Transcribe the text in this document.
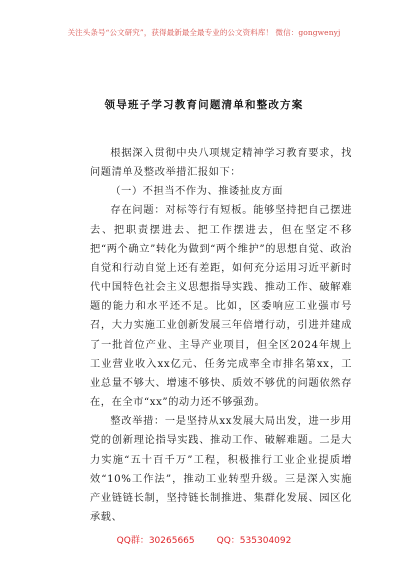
关注头条号“公文研究”，获得最新最全最专业的公文资料库！ 微信：gongwenyj
领导班子学习教育问题清单和整改方案

根据深入贯彻中央八项规定精神学习教育要求，找问题清单及整改举措汇报如下：

（一）不担当不作为、推诿扯皮方面

存在问题：对标等行有短板。能够坚持把自己摆进去、把职责摆进去、把工作摆进去，但在坚定不移把“两个确立”转化为做到“两个维护”的思想自觉、政治自觉和行动自觉上还有差距，如何充分运用习近平新时代中国特色社会主义思想指导实践、推动工作、破解难题的能力和水平还不足。比如，区委响应工业强市号召，大力实施工业创新发展三年倍增行动，引进并建成了一批首位产业、主导产业项目，但全区2024年规上工业营业收入xx亿元、任务完成率全市排名第xx，工业总量不够大、增速不够快、质效不够优的问题依然存在，在全市“xx”的动力还不够强劲。

整改举措：一是坚持从xx发展大局出发，进一步用党的创新理论指导实践、推动工作、破解难题。二是大力实施“五十百千万”工程，积极推行工业企业提质增效“10%工作法”，推动工业转型升级。三是深入实施产业链链长制，坚持链长制推进、集群化发展、园区化承载、

QQ群：30265665 QQ：535304092
